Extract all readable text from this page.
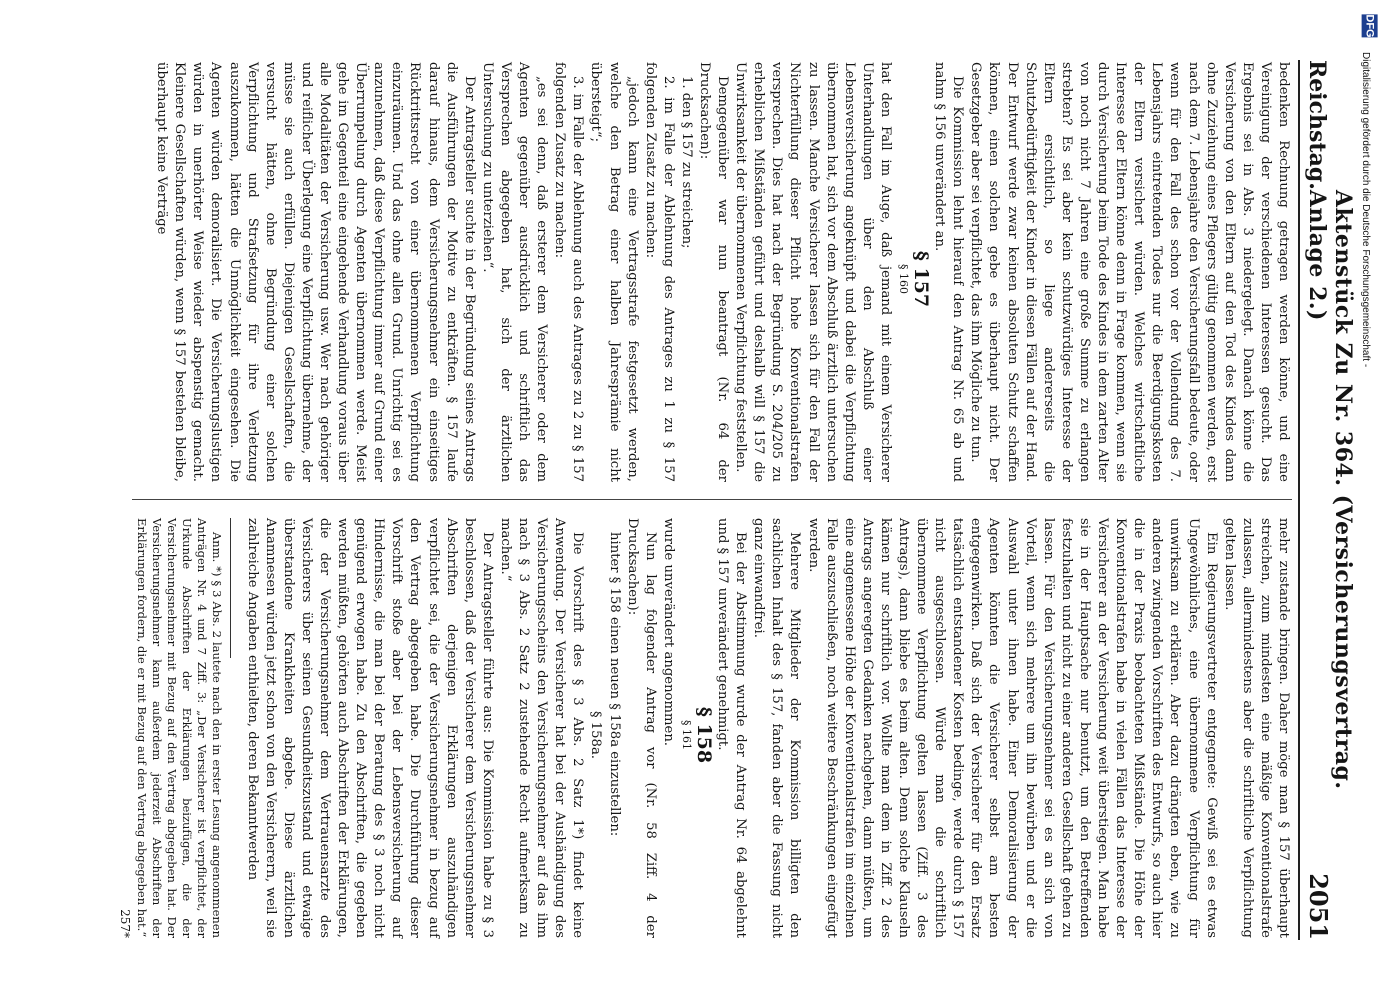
Reichstag.
Aktenstück Zu Nr. 364. (Versicherungsvertrag. Anlage 2.)
2051

bedenken Rechnung getragen werden könne, und eine Vereinigung der verschiedenen Interessen gesucht. Das Ergebnis sei in Abs. 3 niedergelegt. Danach könne die Versicherung von den Eltern auf den Tod des Kindes dann ohne Zuziehung eines Pflegers gültig genommen werden, erst nach dem 7. Lebensjahre den Versicherungsfall bedeute, oder wenn für den Fall des schon vor der Vollendung des 7. Lebensjahrs eintretenden Todes nur die Beerdigungskosten der Eltern versichert würden. Welches wirtschaftliche Interesse der Eltern könne denn in Frage kommen, wenn sie durch Versicherung beim Tode des Kindes in dem zarten Alter von noch nicht 7 Jahren eine große Summe zu erlangen strebten? Es sei aber kein schutzwürdiges Interesse der Eltern ersichtlich, so liege andererseits die Schutzbedürftigkeit der Kinder in diesen Fällen auf der Hand. Der Entwurf werde zwar keinen absoluten Schutz schaffen können, einen solchen gebe es überhaupt nicht. Der Gesetzgeber aber sei verpflichtet, das ihm Mögliche zu tun.

Die Kommission lehnt hierauf den Antrag Nr. 65 ab und nahm § 156 unverändert an.

§ 157

§ 160

hat den Fall im Auge, daß jemand mit einem Versicherer Unterhandlungen über den Abschluß einer Lebensversicherung angeknüpft und dabei die Verpflichtung übernommen hat, sich vor dem Abschluß ärztlich untersuchen zu lassen. Manche Versicherer lassen sich für den Fall der Nichterfüllung dieser Pflicht hohe Konventionalstrafen versprechen. Dies hat nach der Begründung S. 204/205 zu erheblichen Mißständen geführt und deshalb will § 157 die Unwirksamkeit der übernommenen Verpflichtung feststellen.

Demgegenüber war nun beantragt (Nr. 64 der Drucksachen):

1. den § 157 zu streichen;

2. im Falle der Ablehnung des Antrages zu 1 zu § 157 folgenden Zusatz zu machen:

„jedoch kann eine Vertragsstrafe festgesetzt werden, welche den Betrag einer halben Jahresprämie nicht übersteigt“;

3. im Falle der Ablehnung auch des Antrages zu 2 zu § 157 folgenden Zusatz zu machen:

„es sei denn, daß ersterer dem Versicherer oder dem Agenten gegenüber ausdrücklich und schriftlich das Versprechen abgegeben hat, sich der ärztlichen Untersuchung zu unterziehen“.

Der Antragsteller suchte in der Begründung seines Antrags die Ausführungen der Motive zu entkräften. § 157 laufe darauf hinaus, dem Versicherungsnehmer ein einseitiges Rücktrittsrecht von einer übernommenen Verpflichtung einzuräumen. Und das ohne allen Grund. Unrichtig sei es anzunehmen, daß diese Verpflichtung immer auf Grund einer Überrumpelung durch Agenten übernommen werde. Meist gehe im Gegenteil eine eingehende Verhandlung voraus über alle Modalitäten der Versicherung usw. Wer nach gehöriger und reiflicher Überlegung eine Verpflichtung übernehme, der müsse sie auch erfüllen. Diejenigen Gesellschaften, die versucht hätten, ohne Begründung einer solchen Verpflichtung und Strafsetzung für ihre Verletzung auszukommen, hätten die Unmöglichkeit eingesehen. Die Agenten würden demoralisiert. Die Versicherungslustigen würden in unerhörter Weise wieder abspenstig gemacht. Kleinere Gesellschaften würden, wenn § 157 bestehen bleibe, überhaupt keine Verträge

mehr zustande bringen. Daher möge man § 157 überhaupt streichen, zum mindesten eine mäßige Konventionalstrafe zulassen, allermindestens aber die schriftliche Verpflichtung gelten lassen.

Ein Regierungsvertreter entgegnete: Gewiß sei es etwas Ungewöhnliches, eine übernommene Verpflichtung für unwirksam zu erklären. Aber dazu drängten eben, wie zu anderen zwingenden Vorschriften des Entwurfs, so auch hier die in der Praxis beobachteten Mißstände. Die Höhe der Konventionalstrafen habe in vielen Fällen das Interesse der Versicherer an der Versicherung weit überstiegen. Man habe sie in der Hauptsache nur benutzt, um den Betreffenden festzuhalten und nicht zu einer anderen Gesellschaft gehen zu lassen. Für den Versicherungsnehmer sei es an sich von Vorteil, wenn sich mehrere um ihn bewürben und er die Auswahl unter ihnen habe. Einer Demoralisierung der Agenten könnten die Versicherer selbst am besten entgegenwirken. Daß sich der Versicherer für den Ersatz tatsächlich entstandener Kosten bedinge, werde durch § 157 nicht ausgeschlossen. Würde man die schriftlich übernommene Verpflichtung gelten lassen (Ziff. 3 des Antrags), dann bliebe es beim alten. Denn solche Klauseln kämen nur schriftlich vor. Wollte man dem in Ziff. 2 des Antrags angeregten Gedanken nachgehen, dann müßten, um eine angemessene Höhe der Konventionalstrafen im einzelnen Falle auszuschließen, noch weitere Beschränkungen eingefügt werden.

Mehrere Mitglieder der Kommission billigten den sachlichen Inhalt des § 157, fanden aber die Fassung nicht ganz einwandfrei.

Bei der Abstimmung wurde der Antrag Nr. 64 abgelehnt und § 157 unverändert genehmigt.

§ 158

§ 161

wurde unverändert angenommen.

Nun lag folgender Antrag vor (Nr. 58 Ziff. 4 der Drucksachen):

hinter § 158 einen neuen § 158a einzustellen:

§ 158a.

Die Vorschrift des § 3 Abs. 2 Satz 1*) findet keine Anwendung. Der Versicherer hat bei der Aushändigung des Versicherungsscheins den Versicherungsnehmer auf das ihm nach § 3 Abs. 2 Satz 2 zustehende Recht aufmerksam zu machen.“

Der Antragsteller führte aus: Die Kommission habe zu § 3 beschlossen, daß der Versicherer dem Versicherungsnehmer Abschriften derjenigen Erklärungen auszuhändigen verpflichtet sei, die der Versicherungsnehmer in bezug auf den Vertrag abgegeben habe. Die Durchführung dieser Vorschrift stoße aber bei der Lebensversicherung auf Hindernisse, die man bei der Beratung des § 3 noch nicht genügend erwogen habe. Zu den Abschriften, die gegeben werden müßten, gehörten auch Abschriften der Erklärungen, die der Versicherungsnehmer dem Vertrauensarzte des Versicherers über seinen Gesundheitszustand und etwaige überstandene Krankheiten abgebe. Diese ärztlichen Anamnesen würden jetzt schon von den Versicherern, weil sie zahlreiche Angaben enthielten, deren Bekanntwerden

Anm. *) § 3 Abs. 2 lautete nach den in erster Lesung angenommenen Anträgen Nr. 4 und 7 Ziff. 3: „Der Versicherer ist verpflichtet, der Urkunde Abschriften der Erklärungen beizufügen, die der Versicherungsnehmer mit Bezug auf den Vertrag abgegeben hat. Der Versicherungsnehmer kann außerdem jederzeit Abschriften der Erklärungen fordern, die er mit Bezug auf den Vertrag abgegeben hat.“

257*

DFG
Digitalisierung gefördert durch die Deutsche Forschungsgemeinschaft -
